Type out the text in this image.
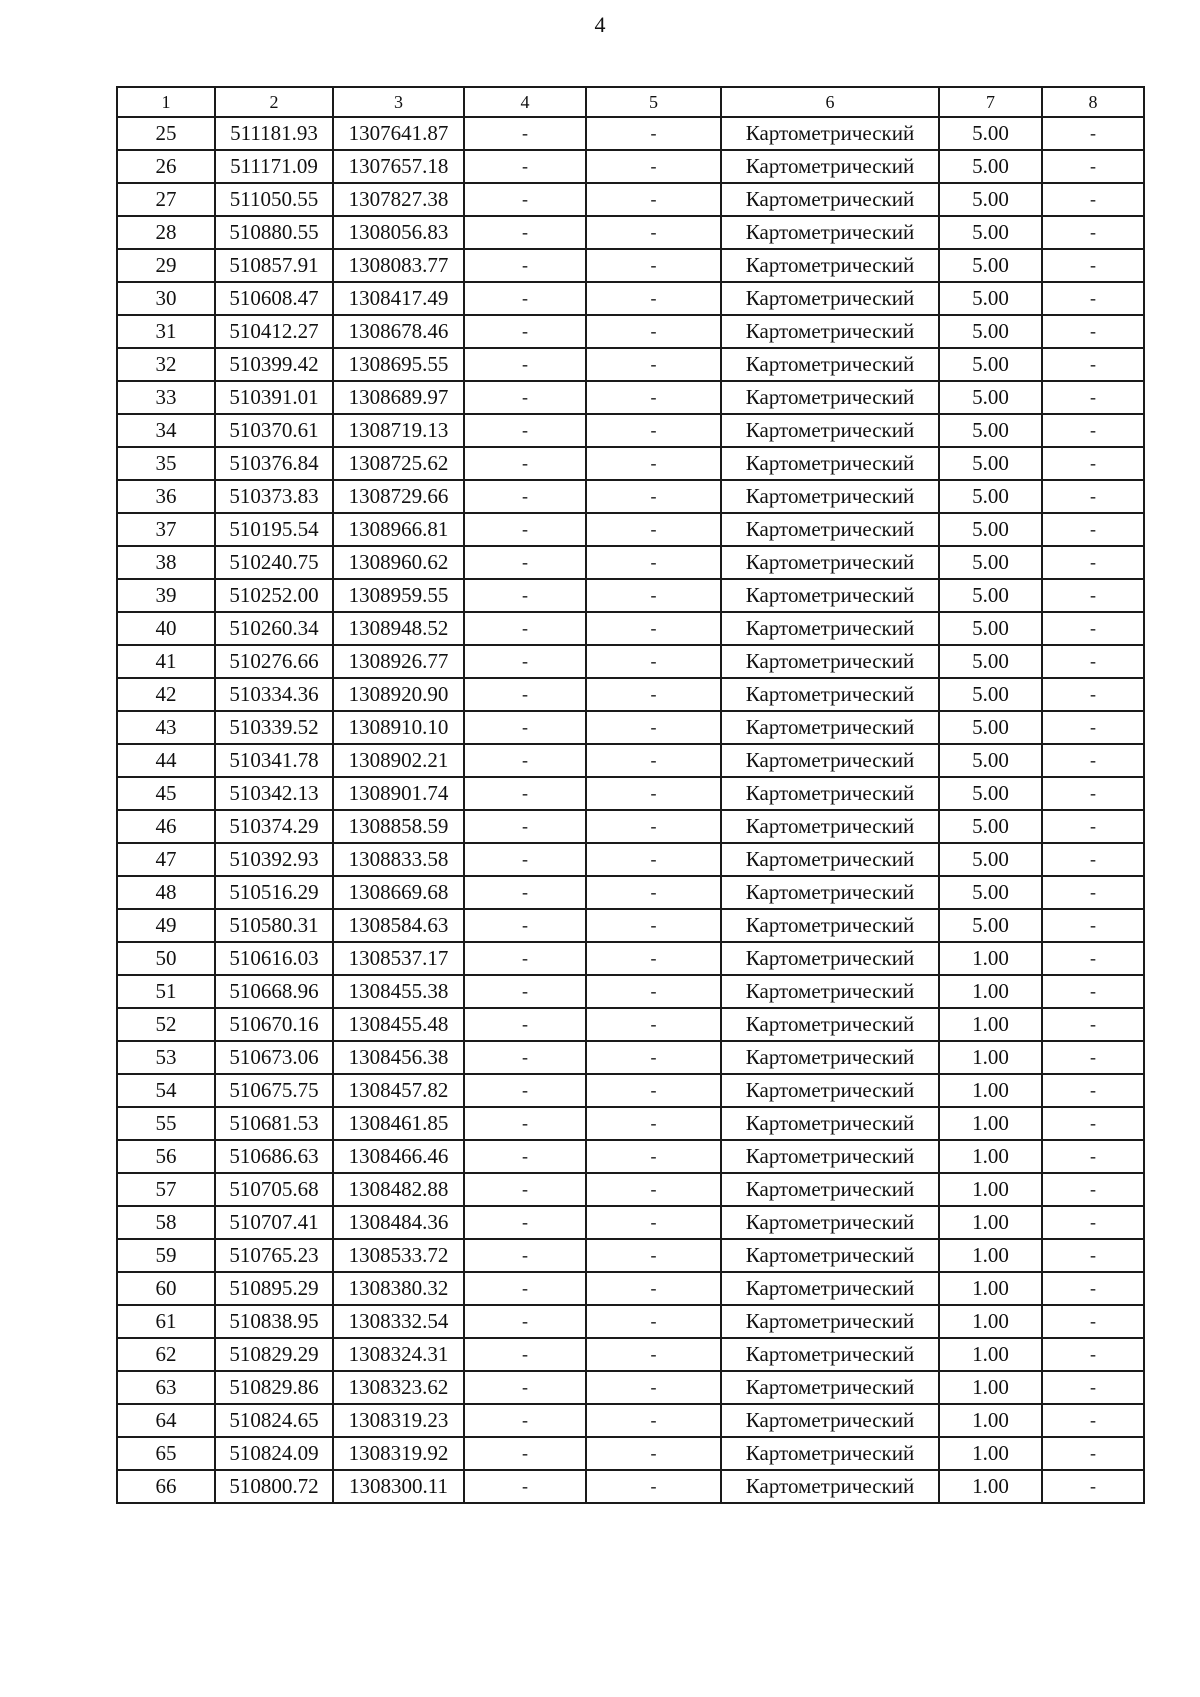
4
1	2	3	4	5	6	7	8
25	511181.93	1307641.87	-	-	Картометрический	5.00	-
26	511171.09	1307657.18	-	-	Картометрический	5.00	-
27	511050.55	1307827.38	-	-	Картометрический	5.00	-
28	510880.55	1308056.83	-	-	Картометрический	5.00	-
29	510857.91	1308083.77	-	-	Картометрический	5.00	-
30	510608.47	1308417.49	-	-	Картометрический	5.00	-
31	510412.27	1308678.46	-	-	Картометрический	5.00	-
32	510399.42	1308695.55	-	-	Картометрический	5.00	-
33	510391.01	1308689.97	-	-	Картометрический	5.00	-
34	510370.61	1308719.13	-	-	Картометрический	5.00	-
35	510376.84	1308725.62	-	-	Картометрический	5.00	-
36	510373.83	1308729.66	-	-	Картометрический	5.00	-
37	510195.54	1308966.81	-	-	Картометрический	5.00	-
38	510240.75	1308960.62	-	-	Картометрический	5.00	-
39	510252.00	1308959.55	-	-	Картометрический	5.00	-
40	510260.34	1308948.52	-	-	Картометрический	5.00	-
41	510276.66	1308926.77	-	-	Картометрический	5.00	-
42	510334.36	1308920.90	-	-	Картометрический	5.00	-
43	510339.52	1308910.10	-	-	Картометрический	5.00	-
44	510341.78	1308902.21	-	-	Картометрический	5.00	-
45	510342.13	1308901.74	-	-	Картометрический	5.00	-
46	510374.29	1308858.59	-	-	Картометрический	5.00	-
47	510392.93	1308833.58	-	-	Картометрический	5.00	-
48	510516.29	1308669.68	-	-	Картометрический	5.00	-
49	510580.31	1308584.63	-	-	Картометрический	5.00	-
50	510616.03	1308537.17	-	-	Картометрический	1.00	-
51	510668.96	1308455.38	-	-	Картометрический	1.00	-
52	510670.16	1308455.48	-	-	Картометрический	1.00	-
53	510673.06	1308456.38	-	-	Картометрический	1.00	-
54	510675.75	1308457.82	-	-	Картометрический	1.00	-
55	510681.53	1308461.85	-	-	Картометрический	1.00	-
56	510686.63	1308466.46	-	-	Картометрический	1.00	-
57	510705.68	1308482.88	-	-	Картометрический	1.00	-
58	510707.41	1308484.36	-	-	Картометрический	1.00	-
59	510765.23	1308533.72	-	-	Картометрический	1.00	-
60	510895.29	1308380.32	-	-	Картометрический	1.00	-
61	510838.95	1308332.54	-	-	Картометрический	1.00	-
62	510829.29	1308324.31	-	-	Картометрический	1.00	-
63	510829.86	1308323.62	-	-	Картометрический	1.00	-
64	510824.65	1308319.23	-	-	Картометрический	1.00	-
65	510824.09	1308319.92	-	-	Картометрический	1.00	-
66	510800.72	1308300.11	-	-	Картометрический	1.00	-
